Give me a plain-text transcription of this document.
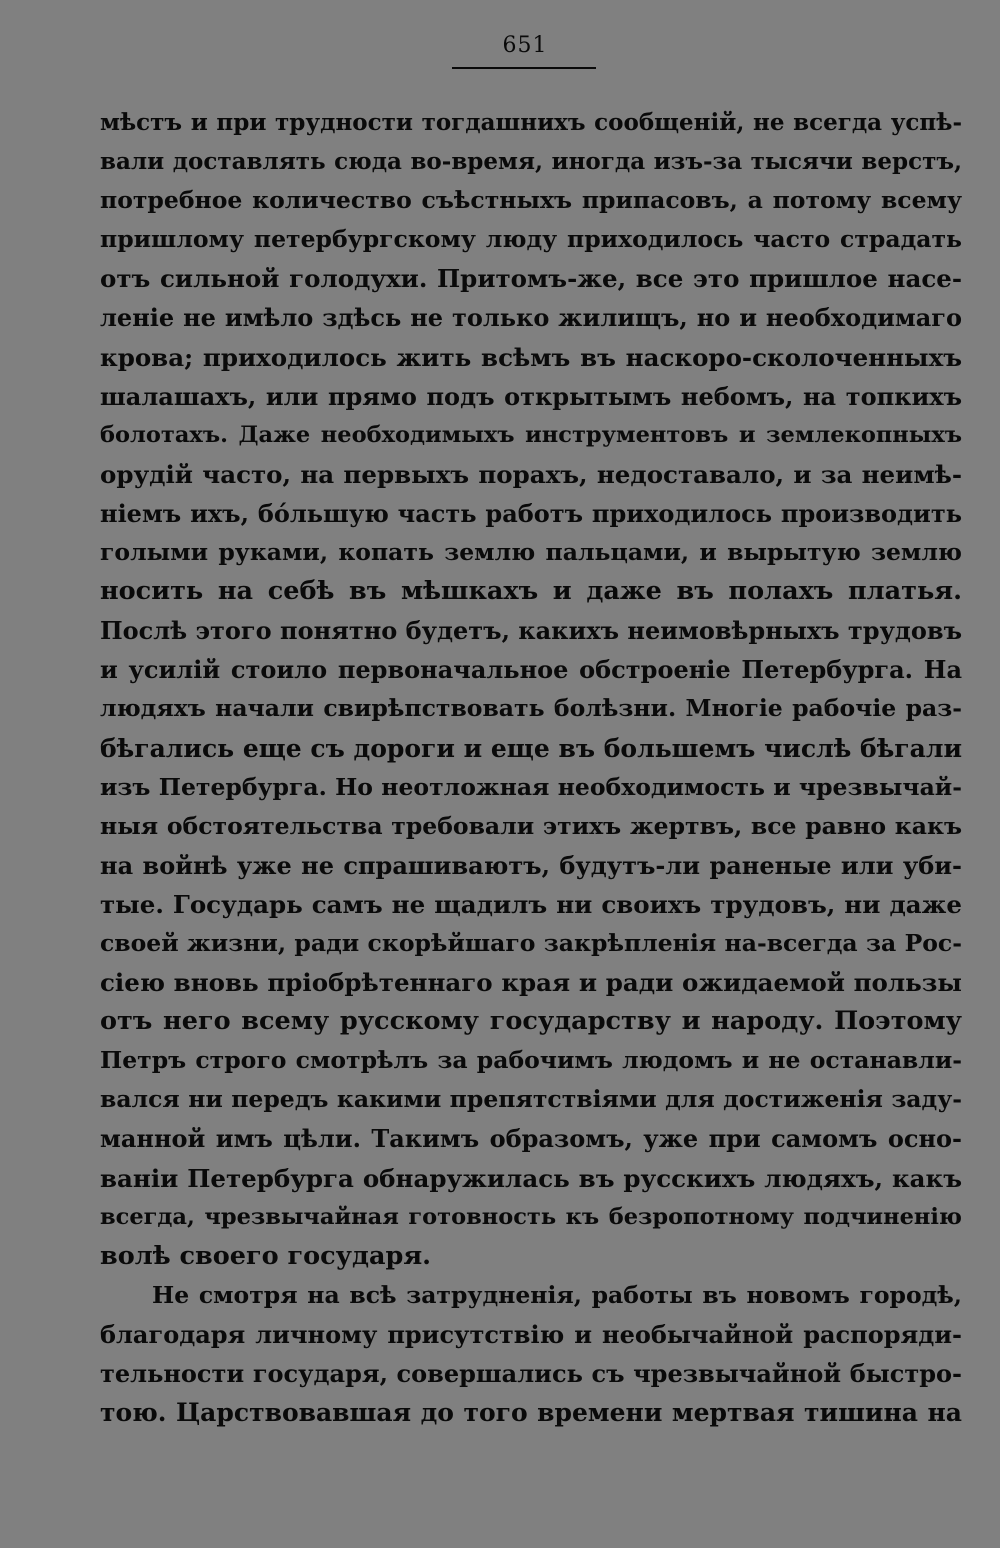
651
мѣстъ и при трудности тогдашнихъ сообщеній, не всегда успѣ-
вали доставлять сюда во-время, иногда изъ-за тысячи верстъ,
потребное количество съѣстныхъ припасовъ, а потому всему
пришлому петербургскому люду приходилось часто страдать
отъ сильной голодухи. Притомъ-же, все это пришлое насе-
леніе не имѣло здѣсь не только жилищъ, но и необходимаго
крова; приходилось жить всѣмъ въ наскоро-сколоченныхъ
шалашахъ, или прямо подъ открытымъ небомъ, на топкихъ
болотахъ. Даже необходимыхъ инструментовъ и землекопныхъ
орудій часто, на первыхъ порахъ, недоставало, и за неимѣ-
ніемъ ихъ, бóльшую часть работъ приходилось производить
голыми руками, копать землю пальцами, и вырытую землю
носить на себѣ въ мѣшкахъ и даже въ полахъ платья.
Послѣ этого понятно будетъ, какихъ неимовѣрныхъ трудовъ
и усилій стоило первоначальное обстроеніе Петербурга. На
людяхъ начали свирѣпствовать болѣзни. Многіе рабочіе раз-
бѣгались еще съ дороги и еще въ большемъ числѣ бѣгали
изъ Петербурга. Но неотложная необходимость и чрезвычай-
ныя обстоятельства требовали этихъ жертвъ, все равно какъ
на войнѣ уже не спрашиваютъ, будутъ-ли раненые или уби-
тые. Государь самъ не щадилъ ни своихъ трудовъ, ни даже
своей жизни, ради скорѣйшаго закрѣпленія на-всегда за Рос-
сіею вновь пріобрѣтеннаго края и ради ожидаемой пользы
отъ него всему русскому государству и народу. Поэтому
Петръ строго смотрѣлъ за рабочимъ людомъ и не останавли-
вался ни передъ какими препятствіями для достиженія заду-
манной имъ цѣли. Такимъ образомъ, уже при самомъ осно-
ваніи Петербурга обнаружилась въ русскихъ людяхъ, какъ
всегда, чрезвычайная готовность къ безропотному подчиненію
волѣ своего государя.
Не смотря на всѣ затрудненія, работы въ новомъ городѣ,
благодаря личному присутствію и необычайной распоряди-
тельности государя, совершались съ чрезвычайной быстро-
тою. Царствовавшая до того времени мертвая тишина на
